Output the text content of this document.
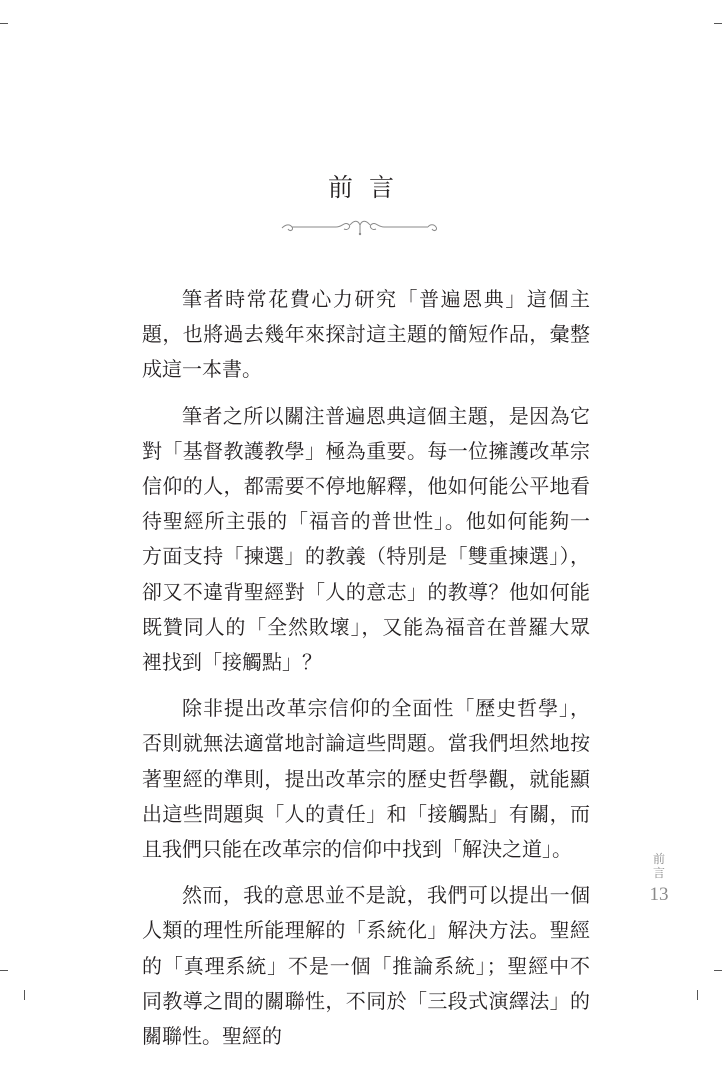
前言

筆者時常花費心力研究「普遍恩典」這個主題，也將過去幾年來探討這主題的簡短作品，彙整成這一本書。

筆者之所以關注普遍恩典這個主題，是因為它對「基督教護教學」極為重要。每一位擁護改革宗信仰的人，都需要不停地解釋，他如何能公平地看待聖經所主張的「福音的普世性」。他如何能夠一方面支持「揀選」的教義（特別是「雙重揀選」），卻又不違背聖經對「人的意志」的教導？他如何能既贊同人的「全然敗壞」，又能為福音在普羅大眾裡找到「接觸點」？

除非提出改革宗信仰的全面性「歷史哲學」，否則就無法適當地討論這些問題。當我們坦然地按著聖經的準則，提出改革宗的歷史哲學觀，就能顯出這些問題與「人的責任」和「接觸點」有關，而且我們只能在改革宗的信仰中找到「解決之道」。

然而，我的意思並不是說，我們可以提出一個人類的理性所能理解的「系統化」解決方法。聖經的「真理系統」不是一個「推論系統」；聖經中不同教導之間的關聯性，不同於「三段式演繹法」的關聯性。聖經的

前言
13
